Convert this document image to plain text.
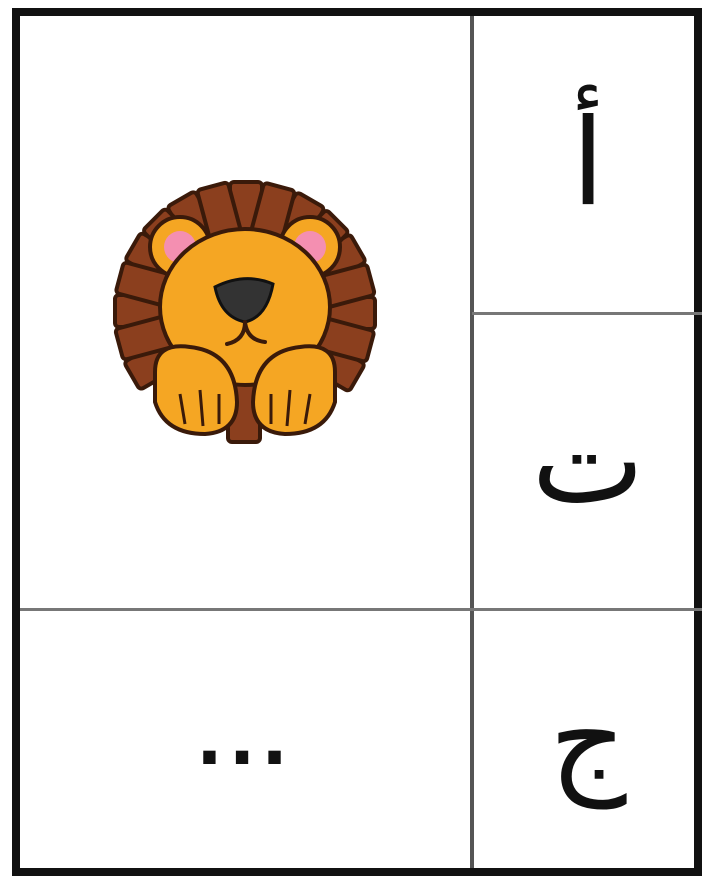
أ
ت
ج
...
